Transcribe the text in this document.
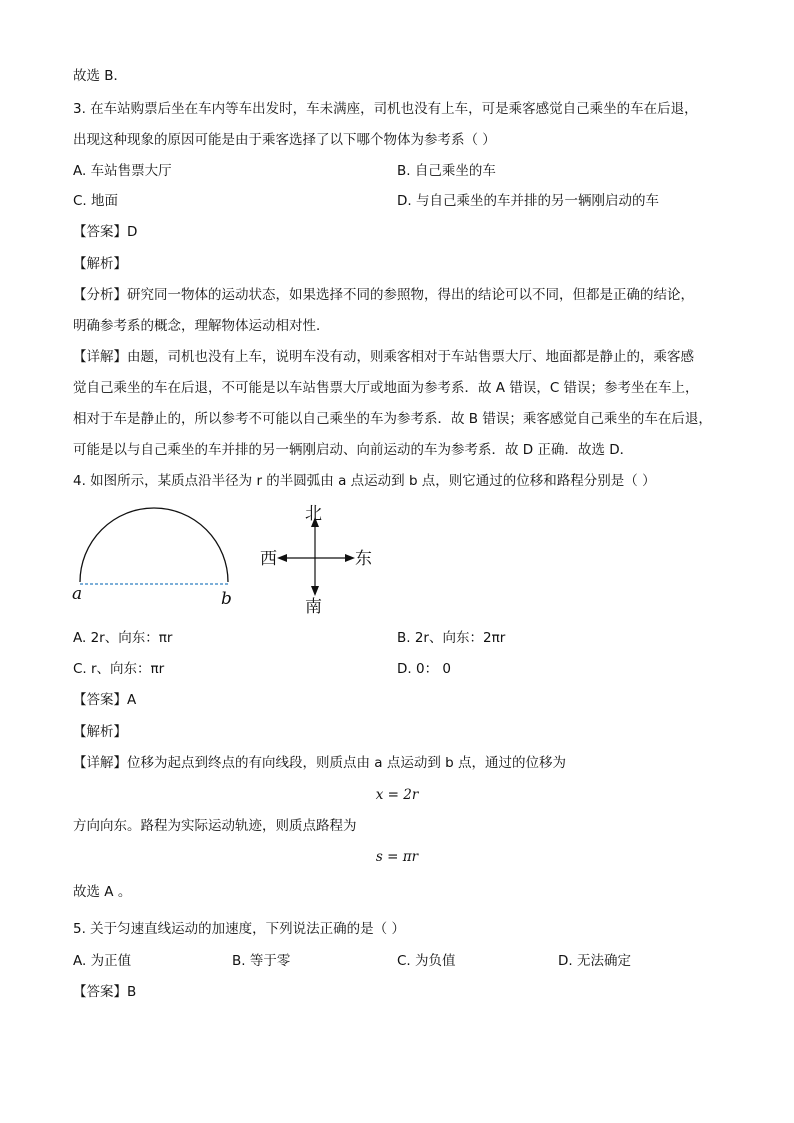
故选 B．
3. 在车站购票后坐在车内等车出发时，车未满座，司机也没有上车，可是乘客感觉自己乘坐的车在后退，
出现这种现象的原因可能是由于乘客选择了以下哪个物体为参考系（ ）
A. 车站售票大厅	B. 自己乘坐的车
C. 地面	D. 与自己乘坐的车并排的另一辆刚启动的车
【答案】D
【解析】
【分析】研究同一物体的运动状态，如果选择不同的参照物，得出的结论可以不同，但都是正确的结论，
明确参考系的概念，理解物体运动相对性．
【详解】由题，司机也没有上车，说明车没有动，则乘客相对于车站售票大厅、地面都是静止的，乘客感
觉自己乘坐的车在后退，不可能是以车站售票大厅或地面为参考系．故 A 错误，C 错误；参考坐在车上，
相对于车是静止的，所以参考不可能以自己乘坐的车为参考系．故 B 错误；乘客感觉自己乘坐的车在后退，
可能是以与自己乘坐的车并排的另一辆刚启动、向前运动的车为参考系．故 D 正确．故选 D．
4. 如图所示，某质点沿半径为 r 的半圆弧由 a 点运动到 b 点，则它通过的位移和路程分别是（ ）
a	b
北
南
西	东
A. 2r、向东：πr	B. 2r、向东：2πr
C. r、向东：πr	D. 0： 0
【答案】A
【解析】
【详解】位移为起点到终点的有向线段，则质点由 a 点运动到 b 点，通过的位移为
x = 2r
方向向东。路程为实际运动轨迹，则质点路程为
s = πr
故选 A 。
5. 关于匀速直线运动的加速度，下列说法正确的是（ ）
A. 为正值	B. 等于零	C. 为负值	D. 无法确定
【答案】B
